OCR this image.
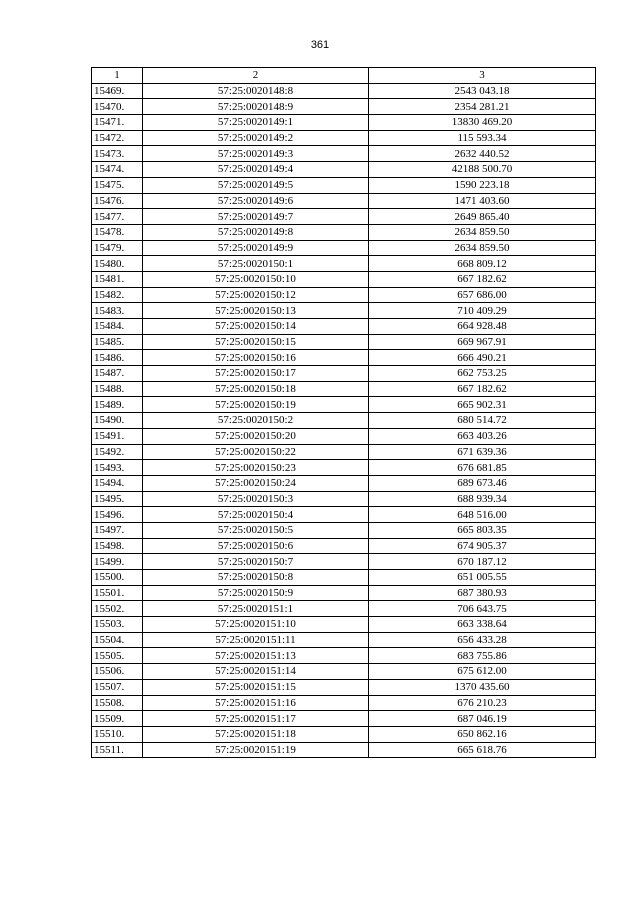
361
1	2	3
15469.	57:25:0020148:8	2543 043.18
15470.	57:25:0020148:9	2354 281.21
15471.	57:25:0020149:1	13830 469.20
15472.	57:25:0020149:2	115 593.34
15473.	57:25:0020149:3	2632 440.52
15474.	57:25:0020149:4	42188 500.70
15475.	57:25:0020149:5	1590 223.18
15476.	57:25:0020149:6	1471 403.60
15477.	57:25:0020149:7	2649 865.40
15478.	57:25:0020149:8	2634 859.50
15479.	57:25:0020149:9	2634 859.50
15480.	57:25:0020150:1	668 809.12
15481.	57:25:0020150:10	667 182.62
15482.	57:25:0020150:12	657 686.00
15483.	57:25:0020150:13	710 409.29
15484.	57:25:0020150:14	664 928.48
15485.	57:25:0020150:15	669 967.91
15486.	57:25:0020150:16	666 490.21
15487.	57:25:0020150:17	662 753.25
15488.	57:25:0020150:18	667 182.62
15489.	57:25:0020150:19	665 902.31
15490.	57:25:0020150:2	680 514.72
15491.	57:25:0020150:20	663 403.26
15492.	57:25:0020150:22	671 639.36
15493.	57:25:0020150:23	676 681.85
15494.	57:25:0020150:24	689 673.46
15495.	57:25:0020150:3	688 939.34
15496.	57:25:0020150:4	648 516.00
15497.	57:25:0020150:5	665 803.35
15498.	57:25:0020150:6	674 905.37
15499.	57:25:0020150:7	670 187.12
15500.	57:25:0020150:8	651 005.55
15501.	57:25:0020150:9	687 380.93
15502.	57:25:0020151:1	706 643.75
15503.	57:25:0020151:10	663 338.64
15504.	57:25:0020151:11	656 433.28
15505.	57:25:0020151:13	683 755.86
15506.	57:25:0020151:14	675 612.00
15507.	57:25:0020151:15	1370 435.60
15508.	57:25:0020151:16	676 210.23
15509.	57:25:0020151:17	687 046.19
15510.	57:25:0020151:18	650 862.16
15511.	57:25:0020151:19	665 618.76
